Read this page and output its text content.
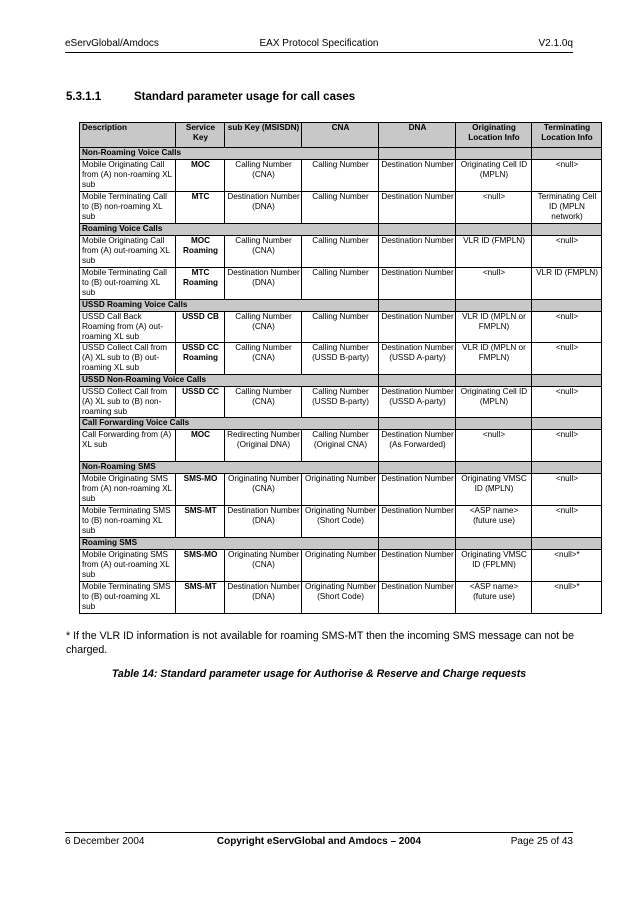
eServGlobal/Amdocs	EAX Protocol Specification	V2.1.0q
5.3.1.1	Standard parameter usage for call cases
Description	Service Key	sub Key (MSISDN)	CNA	DNA	Originating Location Info	Terminating Location Info
Non-Roaming Voice Calls						
Mobile Originating Call from (A) non-roaming XL sub	MOC	Calling Number (CNA)	Calling Number	Destination Number	Originating Cell ID (MPLN)	<null>
Mobile Terminating Call to (B) non-roaming XL sub	MTC	Destination Number (DNA)	Calling Number	Destination Number	<null>	Terminating Cell ID (MPLN network)
Roaming Voice Calls						
Mobile Originating Call from (A) out-roaming XL sub	MOC Roaming	Calling Number (CNA)	Calling Number	Destination Number	VLR ID (FMPLN)	<null>
Mobile Terminating Call to (B) out-roaming XL sub	MTC Roaming	Destination Number (DNA)	Calling Number	Destination Number	<null>	VLR ID (FMPLN)
USSD Roaming Voice Calls						
USSD Call Back Roaming from (A) out-roaming XL sub	USSD CB	Calling Number (CNA)	Calling Number	Destination Number	VLR ID (MPLN or FMPLN)	<null>
USSD Collect Call from (A) XL sub to (B) out-roaming XL sub	USSD CC Roaming	Calling Number (CNA)	Calling Number (USSD B-party)	Destination Number (USSD A-party)	VLR ID (MPLN or FMPLN)	<null>
USSD Non-Roaming Voice Calls						
USSD Collect Call from (A) XL sub to (B) non-roaming sub	USSD CC	Calling Number (CNA)	Calling Number (USSD B-party)	Destination Number (USSD A-party)	Originating Cell ID (MPLN)	<null>
Call Forwarding Voice Calls						
Call Forwarding from (A) XL sub	MOC	Redirecting Number (Original DNA)	Calling Number (Original CNA)	Destination Number (As Forwarded)	<null>	<null>
Non-Roaming SMS						
Mobile Originating SMS from (A) non-roaming XL sub	SMS-MO	Originating Number (CNA)	Originating Number	Destination Number	Originating VMSC ID (MPLN)	<null>
Mobile Terminating SMS to (B) non-roaming XL sub	SMS-MT	Destination Number (DNA)	Originating Number (Short Code)	Destination Number	<ASP name> (future use)	<null>
Roaming SMS						
Mobile Originating SMS from (A) out-roaming XL sub	SMS-MO	Originating Number (CNA)	Originating Number	Destination Number	Originating VMSC ID (FPLMN)	<null>*
Mobile Terminating SMS to (B) out-roaming XL sub	SMS-MT	Destination Number (DNA)	Originating Number (Short Code)	Destination Number	<ASP name> (future use)	<null>*
* If the VLR ID information is not available for roaming SMS-MT then the incoming SMS message can not be charged.
Table 14: Standard parameter usage for Authorise & Reserve and Charge requests
6 December 2004	Copyright eServGlobal and Amdocs – 2004	Page 25 of 43
